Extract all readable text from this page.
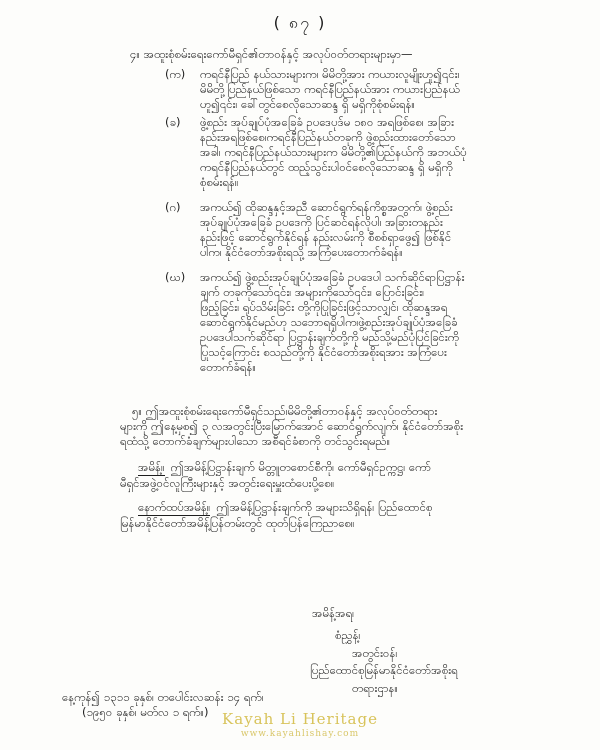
( ၈၇ )
၄။ အထူးစုံစမ်းရေးကော်မီရှင်၏တာဝန်နှင့် အလုပ်ဝတ်တရားများမှာ—
(က) ကရင်နီပြည် နယ်သားများက၊ မိမိတို့အား ကယားလူမျိုးဟူ၍၎င်း၊
မိမိတို့ပြည်နယ်ဖြစ်သော ကရင်နီပြည်နယ်အား ကယားပြည်နယ်
ဟူ၍၎င်း၊ ခေါ်တွင်စေလိုသောဆန္ဒ ရှိ မရှိကိုစုံစမ်းရန်။
(ခ) ဖွဲ့စည်း အုပ်ချုပ်ပုံအခြေခံ ဥပဒေပုဒ်မ ၁၈၀ အရဖြစ်စေ၊ အခြား
နည်းအရဖြစ်စေ၊ကရင်နီပြည်နယ်တခုကို ဖွဲ့စည်းထားတော်သော
အခါ၊ ကရင်နီပြည်နယ်သားများက မိမိတို့၏ပြည်နယ်ကို အဘယ်ပုံ
ကရင်နီပြည်နယ်တွင် ထည့်သွင်းပါဝင်စေလိုသောဆန္ဒ ရှိ မရှိကို
စုံစမ်းရန်။
(ဂ) အကယ်၍ ထိုဆန္ဒနှင့်အညီ ဆောင်ရွက်ရန်ကိစ္စအတွက်၊ ဖွဲ့စည်း
အုပ်ချုပ်ပုံအခြေခံ ဥပဒေကို ပြင်ဆင်ရန်လိုပါ၊ အခြားတနည်း
နည်းဖြင့် ဆောင်ရွက်နိုင်ရန် နည်းလမ်းကို စီစစ်ရှာဖွေ၍ ဖြစ်နိုင်
ပါက၊ နိုင်ငံတော်အစိုးရသို့ အကြံပေးတောက်ခံရန်။
(ဃ) အကယ်၍ ဖွဲ့စည်းအုပ်ချုပ်ပုံအခြေခံ ဥပဒေပါ သက်ဆိုင်ရာပြဋ္ဌာန်း
ချက် တခုကိုသော်၎င်း၊ အများကိုသော်၎င်း၊ ပြောင်းခြင်း၊
ဖြည့်ခြင်း၊ ရုပ်သိမ်းခြင်း တို့ကိုပြုခြင်းဖြင့်သာလျှင်၊ ထိုဆန္ဒအရ
ဆောင်ရွက်နိုင်မည်ဟု သဘောရရှိပါက၊ဖွဲ့စည်းအုပ်ချုပ်ပုံအခြေခံ
ဥပဒေပါသက်ဆိုင်ရာ ပြဋ္ဌာန်းချက်တို့ကို မည်သို့မည်ပုံပြင်ခြင်းကို
ပြုသင့်ကြောင်း စသည်တို့ကို နိုင်ငံတော်အစိုးရအား အကြံပေး
တောက်ခံရန်။
၅။ ဤအထူးစုံစမ်းရေးကော်မီရှင်သည်၊မိမိတို့၏တာဝန်နှင့် အလုပ်ဝတ်တရား
များကို ဤနေ့မှစ၍ ၃ လအတွင်းပြီးမြောက်အောင် ဆောင်ရွက်လျက်၊ နိုင်ငံတော်အစိုး
ရထံသို့ တောက်ခံချက်များပါသော အစီရင်ခံစာကို တင်သွင်းရမည်။
အမိန့်။ ဤအမိန့်ပြဋ္ဌာန်းချက် မိတ္တူတစောင်စီကို၊ ကော်မီရှင်ဥက္ကဋ္ဌ၊ ကော်
မီရှင်အဖွဲ့ဝင်လူကြီးများနှင့် အတွင်းရေးမှူးထံပေးပို့စေ။
နောက်ထပ်အမိန့်။ ဤအမိန့်ပြဋ္ဌာန်းချက်ကို အများသိရှိရန်၊ ပြည်ထောင်စု
မြန်မာနိုင်ငံတော်အမိန့်ပြန်တမ်းတွင် ထုတ်ပြန်ကြေညာစေ။
အမိန့်အရ၊
စံညွှန့်၊
အတွင်းဝန်၊
ပြည်ထောင်စုမြန်မာနိုင်ငံတော်အစိုးရ
တရားဌာန။
နေ့ကုန်၍ ၁၃၁၁ ခုနှစ်၊ တပေါင်းလဆန်း ၁၄ ရက်၊
(၁၉၅၀ ခုနှစ်၊ မတ်လ ၁ ရက်။) Kayah Li Heritage
www.kayahlishay.com
